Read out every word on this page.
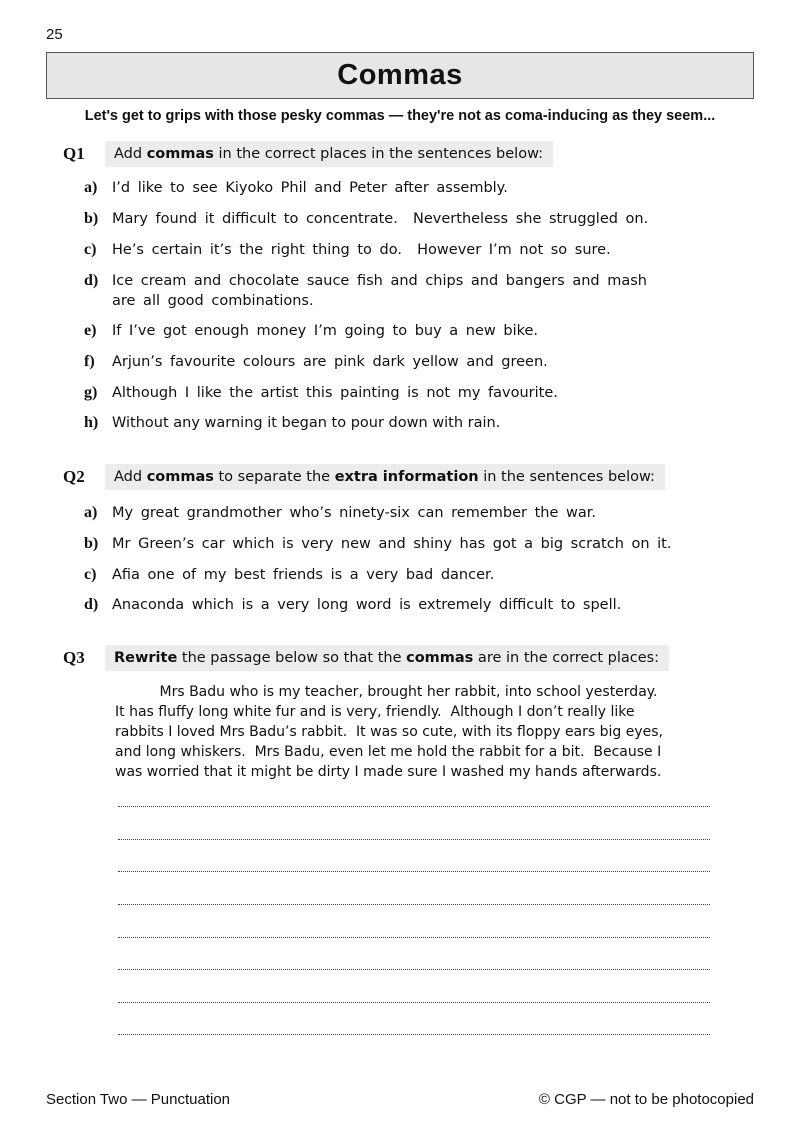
25
Commas
Let's get to grips with those pesky commas — they're not as coma-inducing as they seem...
Q1	Add commas in the correct places in the sentences below:
a)	I’d like to see Kiyoko Phil and Peter after assembly.
b) Mary found it difficult to concentrate.  Nevertheless she struggled on.
c)	He’s certain it’s the right thing to do.  However I’m not so sure.
d) Ice cream and chocolate sauce fish and chips and bangers and mash
are all good combinations.
e)	If I’ve got enough money I’m going to buy a new bike.
f)	Arjun’s favourite colours are pink dark yellow and green.
g)	Although I like the artist this painting is not my favourite.
h) Without any warning it began to pour down with rain.
Q2	Add commas to separate the extra information in the sentences below:
a)	My great grandmother who’s ninety-six can remember the war.
b) Mr Green’s car which is very new and shiny has got a big scratch on it.
c)	Afia one of my best friends is a very bad dancer.
d) Anaconda which is a very long word is extremely difficult to spell.
Q3	Rewrite the passage below so that the commas are in the correct places:
Mrs Badu who is my teacher, brought her rabbit, into school yesterday.
It has fluffy long white fur and is very, friendly.  Although I don’t really like
rabbits I loved Mrs Badu’s rabbit.  It was so cute, with its floppy ears big eyes,
and long whiskers.  Mrs Badu, even let me hold the rabbit for a bit.  Because I
was worried that it might be dirty I made sure I washed my hands afterwards.
Section Two — Punctuation	© CGP — not to be photocopied
